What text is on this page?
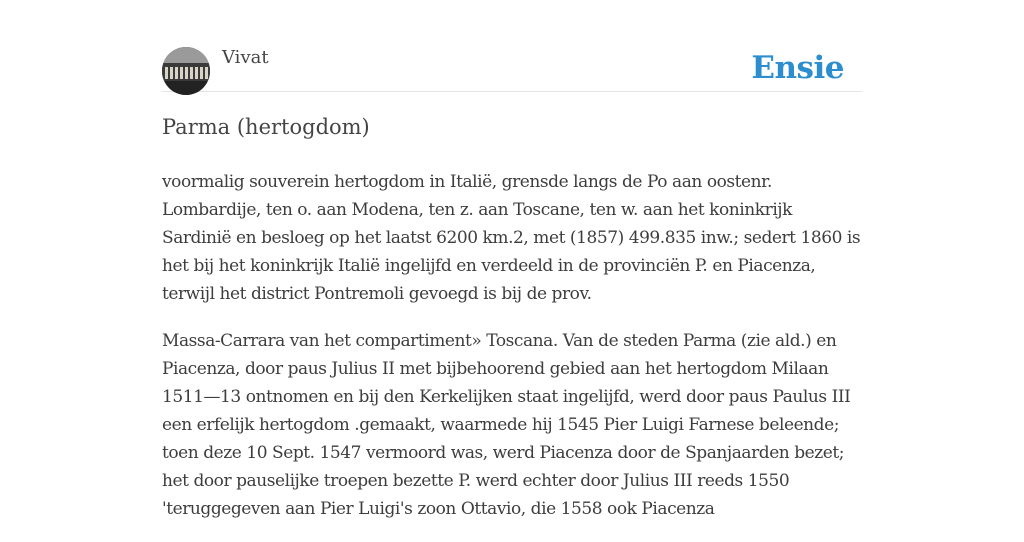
Vivat	Ensie
Parma (hertogdom)

voormalig souverein hertogdom in Italië, grensde langs de Po aan oostenr. Lombardije, ten o. aan Modena, ten z. aan Toscane, ten w. aan het koninkrijk Sardinië en besloeg op het laatst 6200 km.2, met (1857) 499.835 inw.; sedert 1860 is het bij het koninkrijk Italië ingelijfd en verdeeld in de provinciën P. en Piacenza, terwijl het district Pontremoli gevoegd is bij de prov.

Massa-Carrara van het compartiment» Toscana. Van de steden Parma (zie ald.) en Piacenza, door paus Julius II met bijbehoorend gebied aan het hertogdom Milaan 1511—13 ontnomen en bij den Kerkelijken staat ingelijfd, werd door paus Paulus III een erfelijk hertogdom .gemaakt, waarmede hij 1545 Pier Luigi Farnese beleende; toen deze 10 Sept. 1547 vermoord was, werd Piacenza door de Spanjaarden bezet; het door pauselijke troepen bezette P. werd echter door Julius III reeds 1550 'teruggegeven aan Pier Luigi's zoon Ottavio, die 1558 ook Piacenza
